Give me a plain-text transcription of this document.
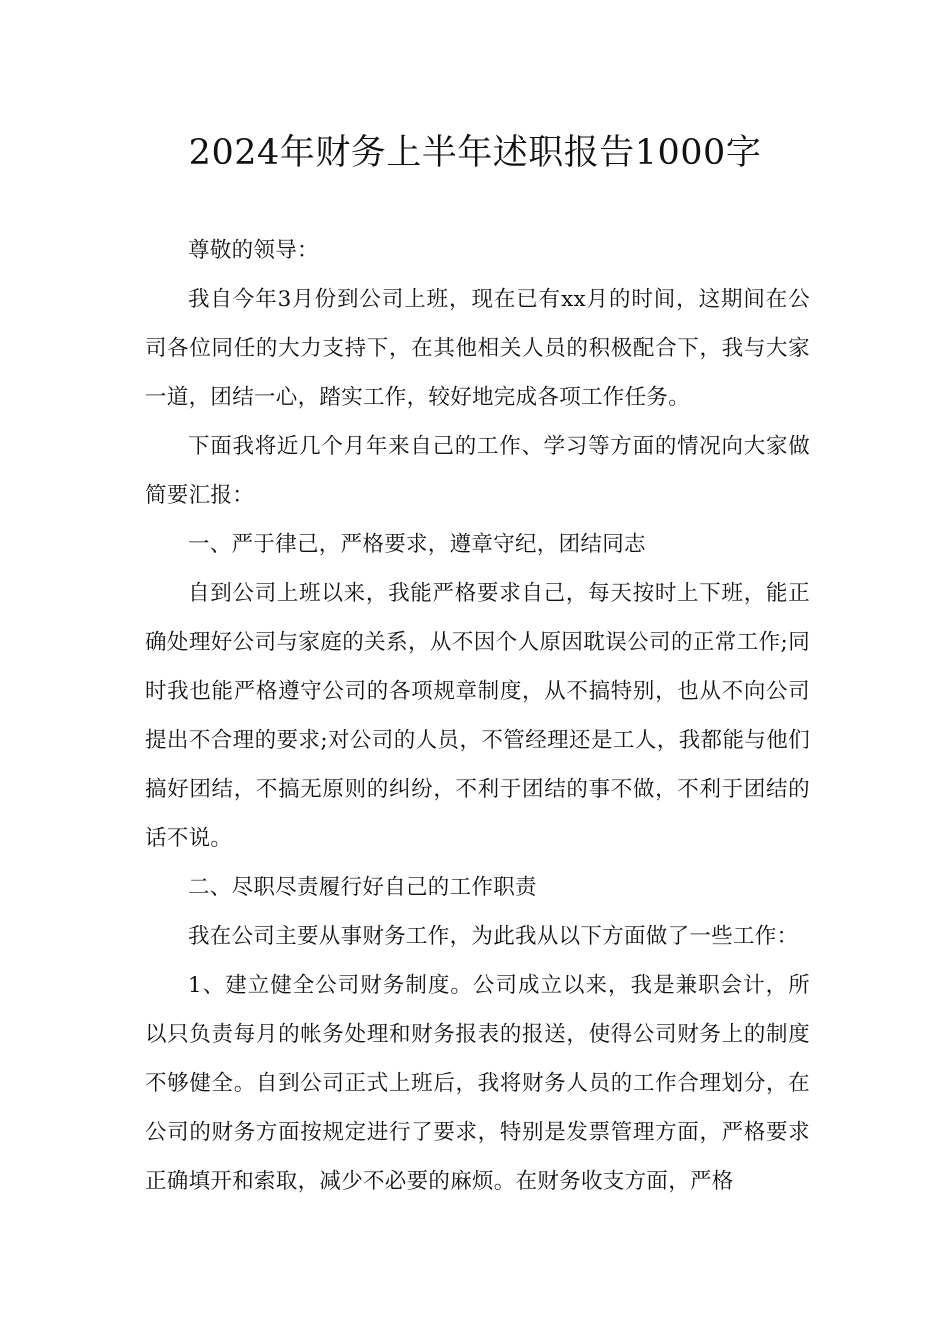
2024年财务上半年述职报告1000字

尊敬的领导：

我自今年3月份到公司上班，现在已有xx月的时间，这期间在公司各位同任的大力支持下，在其他相关人员的积极配合下，我与大家一道，团结一心，踏实工作，较好地完成各项工作任务。

下面我将近几个月年来自己的工作、学习等方面的情况向大家做简要汇报：

一、严于律己，严格要求，遵章守纪，团结同志

自到公司上班以来，我能严格要求自己，每天按时上下班，能正确处理好公司与家庭的关系，从不因个人原因耽误公司的正常工作;同时我也能严格遵守公司的各项规章制度，从不搞特别，也从不向公司提出不合理的要求;对公司的人员，不管经理还是工人，我都能与他们搞好团结，不搞无原则的纠纷，不利于团结的事不做，不利于团结的话不说。

二、尽职尽责履行好自己的工作职责

我在公司主要从事财务工作，为此我从以下方面做了一些工作：

1、建立健全公司财务制度。公司成立以来，我是兼职会计，所以只负责每月的帐务处理和财务报表的报送，使得公司财务上的制度不够健全。自到公司正式上班后，我将财务人员的工作合理划分，在公司的财务方面按规定进行了要求，特别是发票管理方面，严格要求正确填开和索取，减少不必要的麻烦。在财务收支方面，严格
